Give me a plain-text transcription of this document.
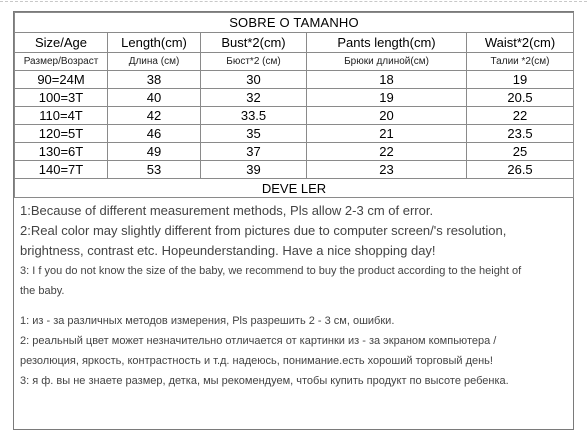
SOBRE O TAMANHO				
Size/Age	Length(cm)	Bust*2(cm)	Pants length(cm)	Waist*2(cm)
Размер/Возраст	Длина (см)	Бюст*2 (см)	Брюки длиной(см)	Талии *2(см)
90=24M	38	30	18	19
100=3T	40	32	19	20.5
110=4T	42	33.5	20	22
120=5T	46	35	21	23.5
130=6T	49	37	22	25
140=7T	53	39	23	26.5
DEVE LER				
1:Because of different measurement methods, Pls allow 2-3 cm of error.
2:Real color may slightly different from pictures due to computer screen/'s resolution,
brightness, contrast etc. Hopeunderstanding. Have a nice shopping day!
3: I f you do not know the size of the baby, we recommend to buy the product according to the height of
the baby.
1: из - за различных методов измерения, Pls разрешить 2 - 3 см, ошибки.
2: реальный цвет может незначительно отличается от картинки из - за экраном компьютера /
резолюция, яркость, контрастность и т.д. надеюсь, понимание.есть хороший торговый день!
3: я ф. вы не знаете размер, детка, мы рекомендуем, чтобы купить продукт по высоте ребенка.
